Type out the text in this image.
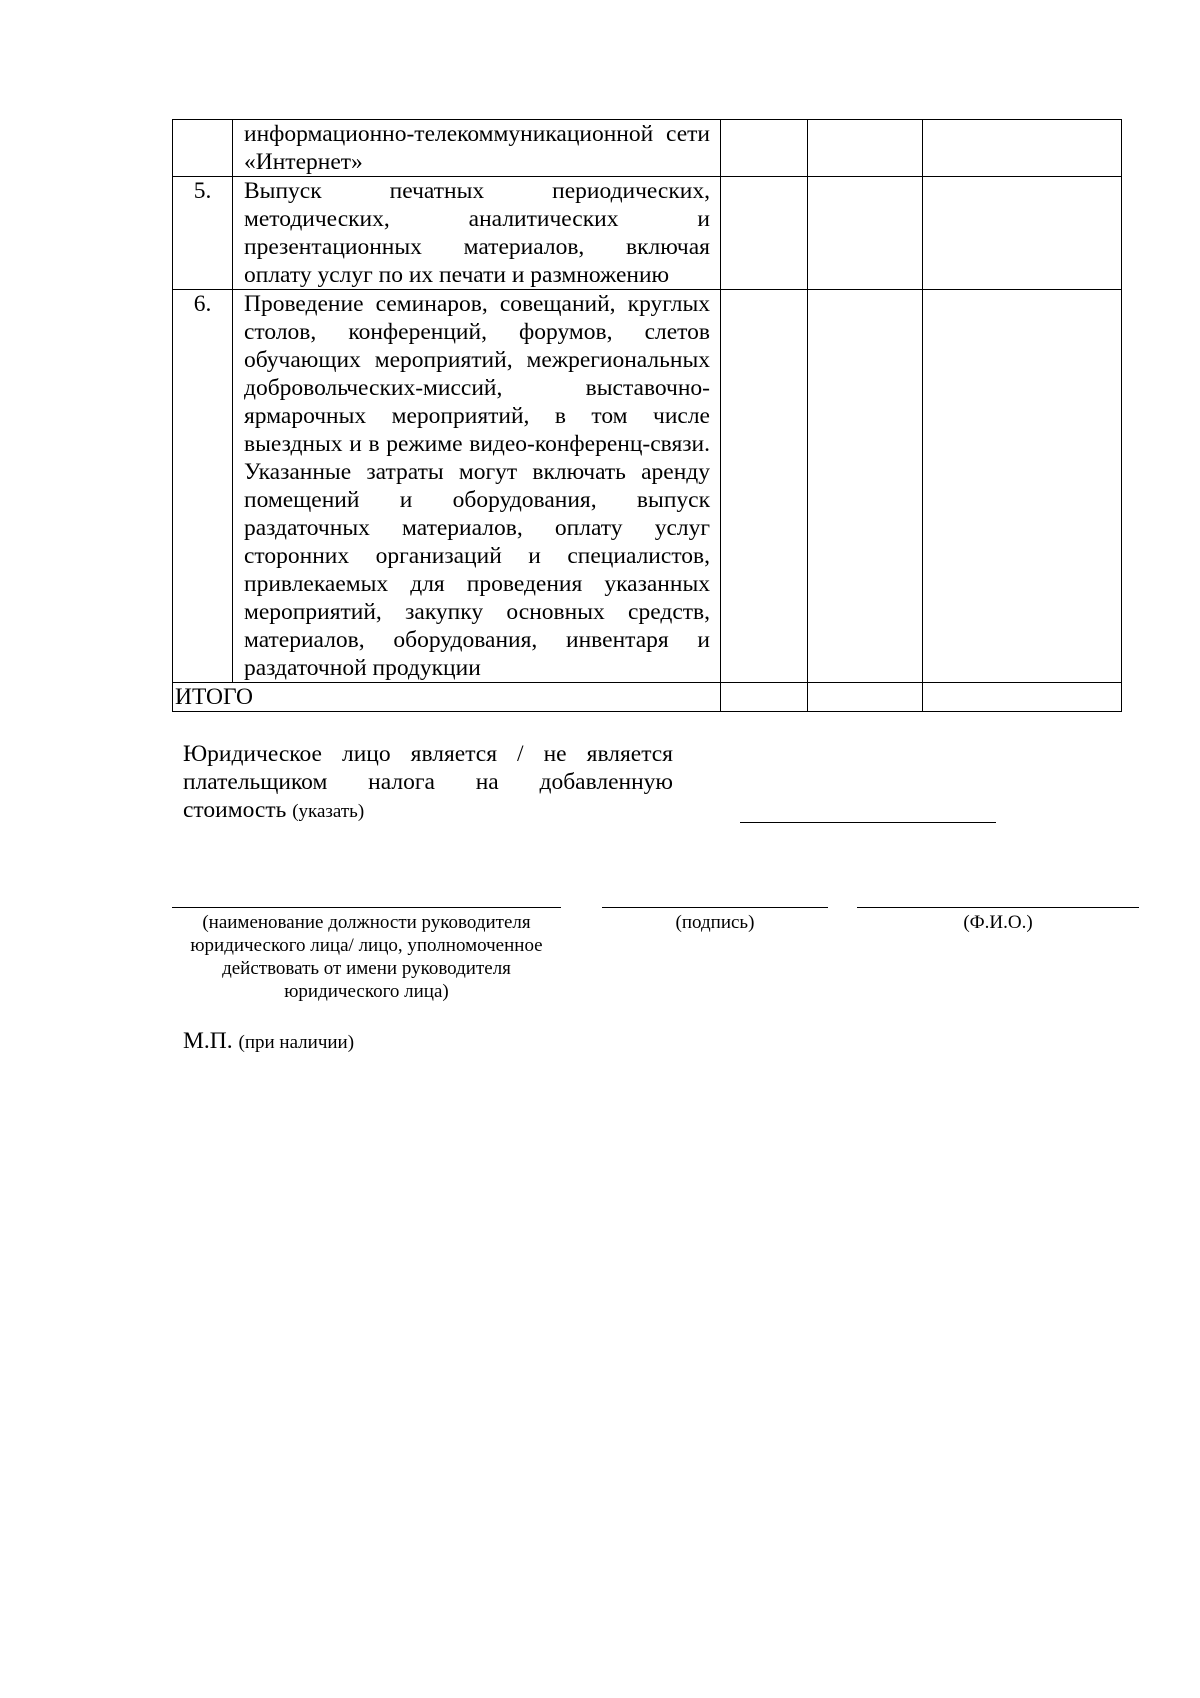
	информационно-телекоммуникационной сети «Интернет»			

5.	Выпуск печатных периодических, методических, аналитических и презентационных материалов, включая оплату услуг по их печати и размножению			

6.	Проведение семинаров, совещаний, круглых столов, конференций, форумов, слетов обучающих мероприятий, межрегиональных добровольческих-миссий, выставочно-ярмарочных мероприятий, в том числе выездных и в режиме видео-конференц-связи. Указанные затраты могут включать аренду помещений и оборудования, выпуск раздаточных материалов, оплату услуг сторонних организаций и специалистов, привлекаемых для проведения указанных мероприятий, закупку основных средств, материалов, оборудования, инвентаря и раздаточной продукции			

ИТОГО				
Юридическое лицо является / не является плательщиком налога на добавленную стоимость (указать)
(наименование должности руководителя юридического лица/ лицо, уполномоченное действовать от имени руководителя юридического лица)
(подпись)	(Ф.И.О.)
М.П. (при наличии)
